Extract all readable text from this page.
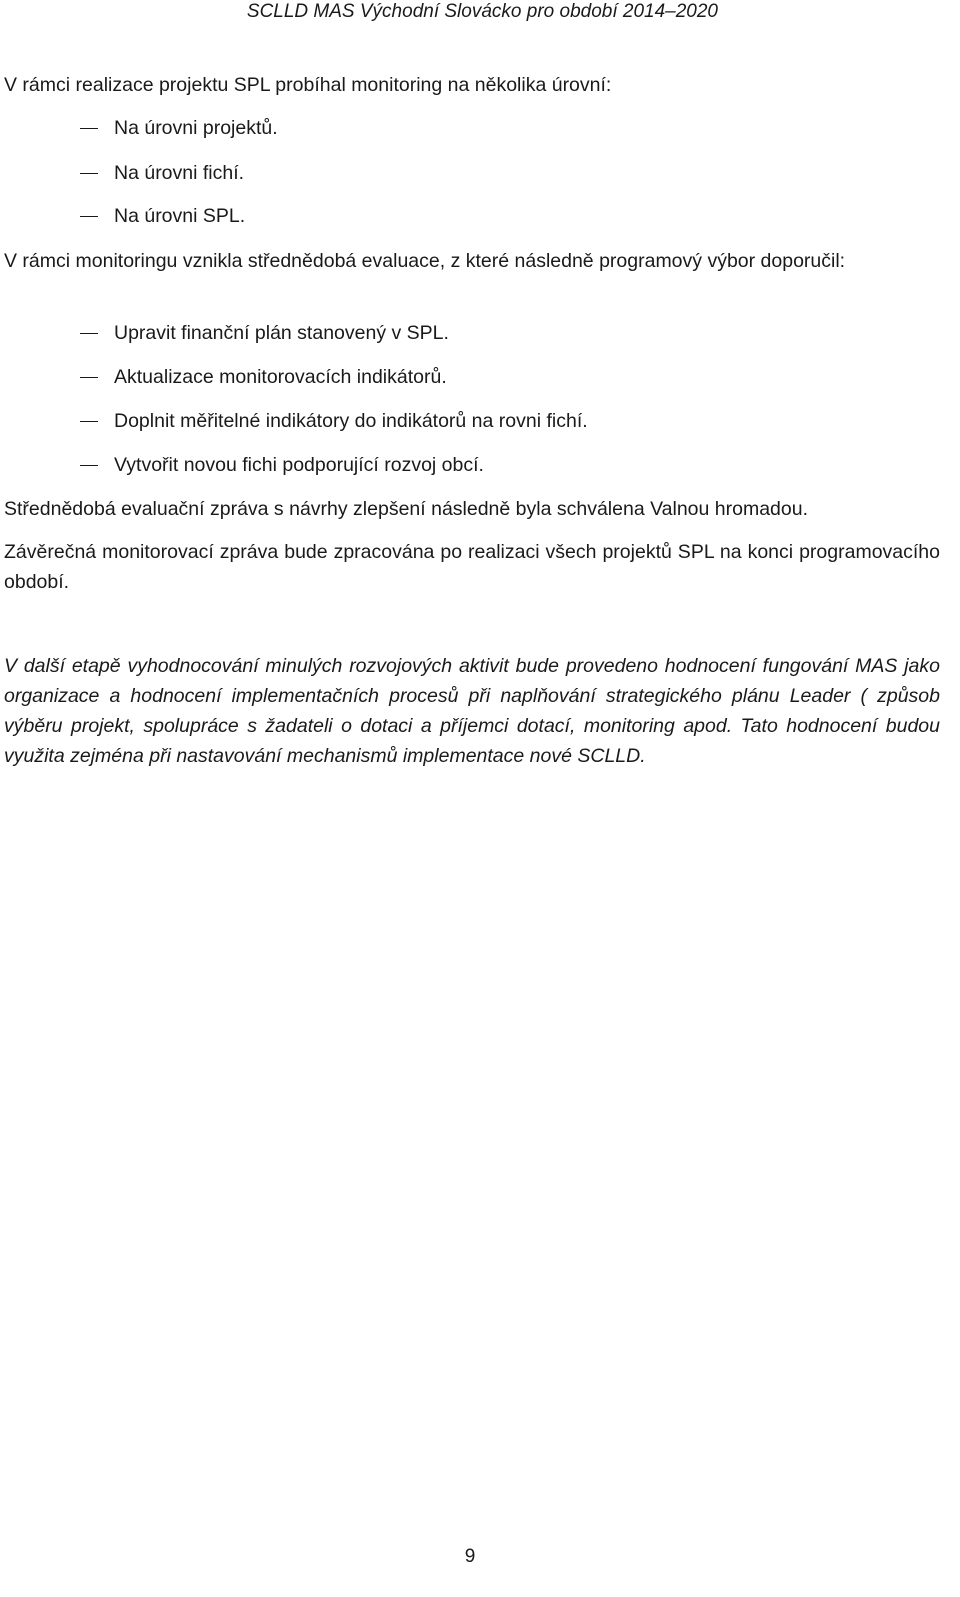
SCLLD MAS Východní Slovácko pro období 2014–2020
V rámci realizace projektu SPL probíhal monitoring na několika úrovní:
Na úrovni projektů.
Na úrovni fichí.
Na úrovni SPL.
V rámci monitoringu vznikla střednědobá evaluace, z které následně programový výbor doporučil:
Upravit finanční plán stanovený v SPL.
Aktualizace monitorovacích indikátorů.
Doplnit měřitelné indikátory do indikátorů na rovni fichí.
Vytvořit novou fichi podporující rozvoj obcí.
Střednědobá evaluační zpráva s návrhy zlepšení následně byla schválena Valnou hromadou.
Závěrečná monitorovací zpráva bude zpracována po realizaci všech projektů SPL na konci programovacího období.
V další etapě vyhodnocování minulých rozvojových aktivit bude provedeno hodnocení fungování MAS jako organizace a hodnocení implementačních procesů při naplňování strategického plánu Leader ( způsob výběru projekt, spolupráce s žadateli o dotaci a příjemci dotací, monitoring apod. Tato hodnocení budou využita zejména při nastavování mechanismů implementace nové SCLLD.
9
